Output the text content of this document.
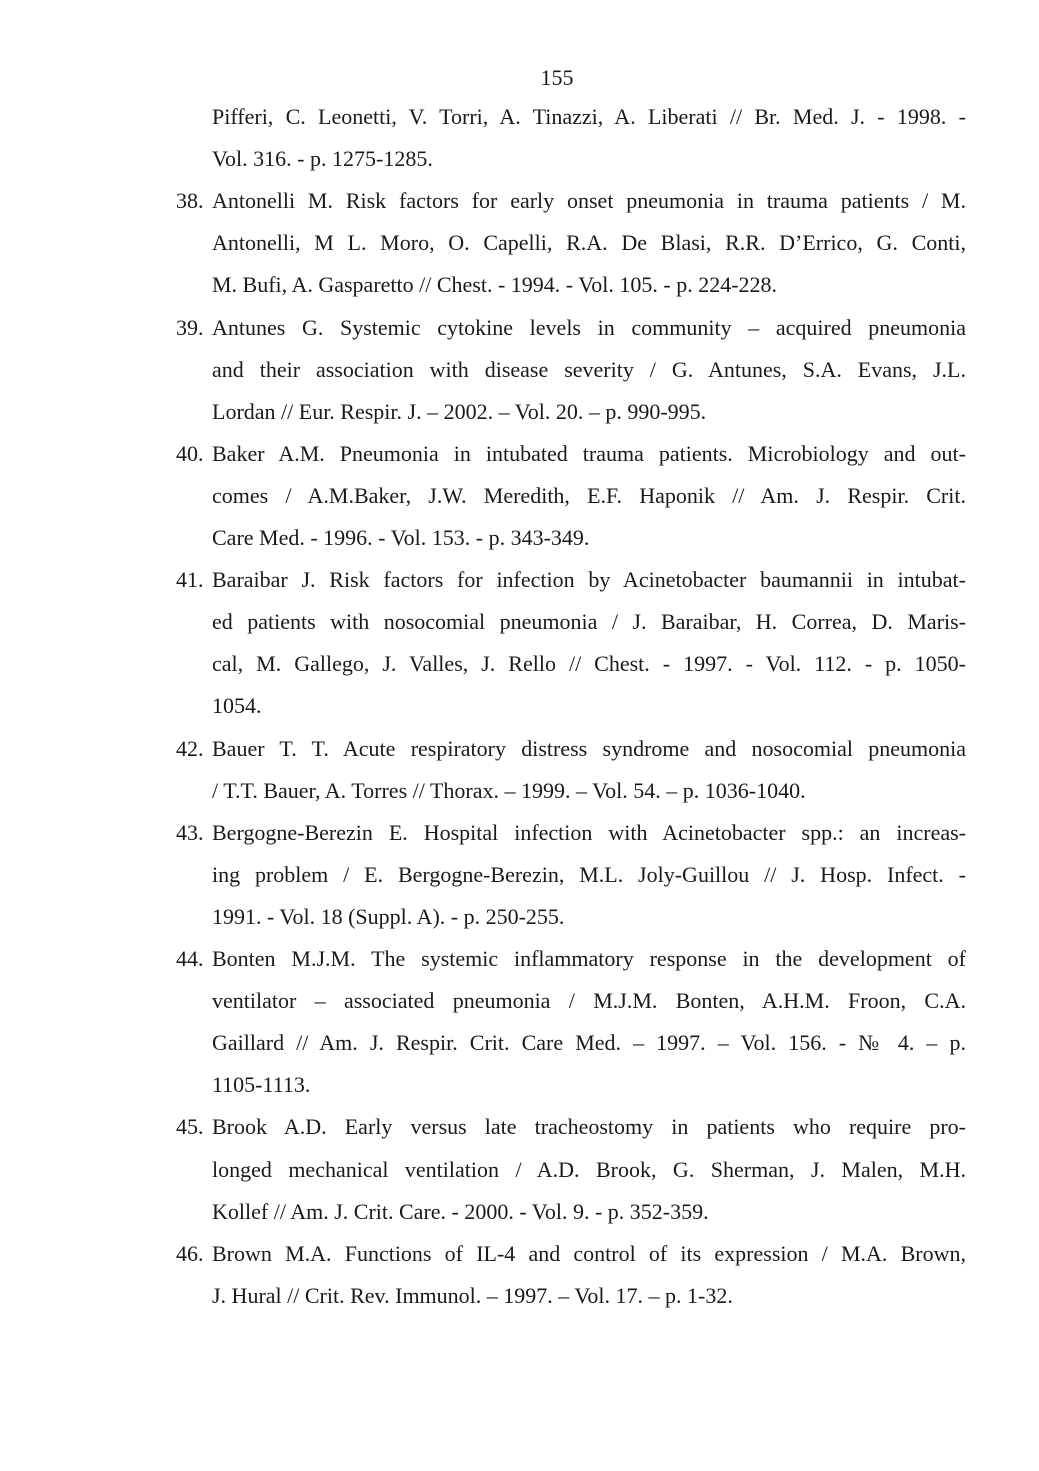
155
Pifferi, C. Leonetti, V. Torri, A. Tinazzi, A. Liberati // Br. Med. J. - 1998. -
Vol. 316. - p. 1275-1285.
38. Antonelli M. Risk factors for early onset pneumonia in trauma patients / M.
Antonelli, M L. Moro, O. Capelli, R.A. De Blasi, R.R. D’Errico, G. Conti,
M. Bufi, A. Gasparetto // Chest. - 1994. - Vol. 105. - p. 224-228.
39. Antunes G. Systemic cytokine levels in community – acquired pneumonia
and their association with disease severity / G. Antunes, S.A. Evans, J.L.
Lordan // Eur. Respir. J. – 2002. – Vol. 20. – p. 990-995.
40. Baker A.M. Pneumonia in intubated trauma patients. Microbiology and out-
comes / A.M.Baker, J.W. Meredith, E.F. Haponik // Am. J. Respir. Crit.
Care Med. - 1996. - Vol. 153. - p. 343-349.
41. Baraibar J. Risk factors for infection by Acinetobacter baumannii in intubat-
ed patients with nosocomial pneumonia / J. Baraibar, H. Correa, D. Maris-
cal, M. Gallego, J. Valles, J. Rello // Chest. - 1997. - Vol. 112. - p. 1050-
1054.
42. Bauer T. T. Acute respiratory distress syndrome and nosocomial pneumonia
/ T.T. Bauer, A. Torres // Thorax. – 1999. – Vol. 54. – p. 1036-1040.
43. Bergogne-Berezin E. Hospital infection with Acinetobacter spp.: an increas-
ing problem / E. Bergogne-Berezin, M.L. Joly-Guillou // J. Hosp. Infect. -
1991. - Vol. 18 (Suppl. A). - p. 250-255.
44. Bonten M.J.M. The systemic inflammatory response in the development of
ventilator – associated pneumonia / M.J.M. Bonten, A.H.M. Froon, C.A.
Gaillard // Am. J. Respir. Crit. Care Med. – 1997. – Vol. 156. - № 4. – p.
1105-1113.
45. Brook A.D. Early versus late tracheostomy in patients who require pro-
longed mechanical ventilation / A.D. Brook, G. Sherman, J. Malen, M.H.
Kollef // Am. J. Crit. Care. - 2000. - Vol. 9. - p. 352-359.
46. Brown M.A. Functions of IL-4 and control of its expression / M.A. Brown,
J. Hural // Crit. Rev. Immunol. – 1997. – Vol. 17. – p. 1-32.
